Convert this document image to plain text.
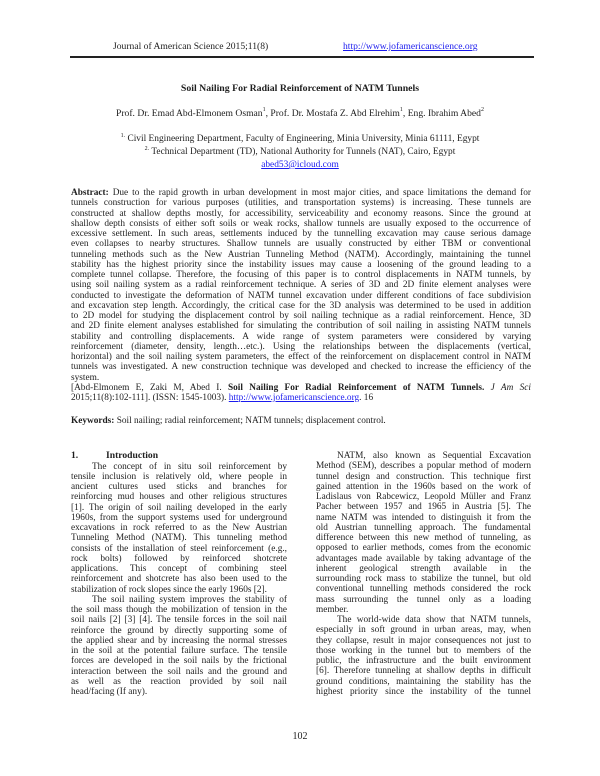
Journal of American Science 2015;11(8)	http://www.jofamericanscience.org
Soil Nailing For Radial Reinforcement of NATM Tunnels
Prof. Dr. Emad Abd-Elmonem Osman$^1$, Prof. Dr. Mostafa Z. Abd Elrehim$^1$, Eng. Ibrahim Abed$^2$
$^{1.}$ Civil Engineering Department, Faculty of Engineering, Minia University, Minia 61111, Egypt
$^{2.}$ Technical Department (TD), National Authority for Tunnels (NAT), Cairo, Egypt
abed53@icloud.com
Abstract: Due to the rapid growth in urban development in most major cities, and space limitations the demand for
tunnels construction for various purposes (utilities, and transportation systems) is increasing. These tunnels are
constructed at shallow depths mostly, for accessibility, serviceability and economy reasons. Since the ground at
shallow depth consists of either soft soils or weak rocks, shallow tunnels are usually exposed to the occurrence of
excessive settlement. In such areas, settlements induced by the tunnelling excavation may cause serious damage
even collapses to nearby structures. Shallow tunnels are usually constructed by either TBM or conventional
tunneling methods such as the New Austrian Tunneling Method (NATM). Accordingly, maintaining the tunnel
stability has the highest priority since the instability issues may cause a loosening of the ground leading to a
complete tunnel collapse. Therefore, the focusing of this paper is to control displacements in NATM tunnels, by
using soil nailing system as a radial reinforcement technique. A series of 3D and 2D finite element analyses were
conducted to investigate the deformation of NATM tunnel excavation under different conditions of face subdivision
and excavation step length. Accordingly, the critical case for the 3D analysis was determined to be used in addition
to 2D model for studying the displacement control by soil nailing technique as a radial reinforcement. Hence, 3D
and 2D finite element analyses established for simulating the contribution of soil nailing in assisting NATM tunnels
stability and controlling displacements. A wide range of system parameters were considered by varying
reinforcement (diameter, density, length…etc.). Using the relationships between the displacements (vertical,
horizontal) and the soil nailing system parameters, the effect of the reinforcement on displacement control in NATM
tunnels was investigated. A new construction technique was developed and checked to increase the efficiency of the
system.
[Abd-Elmonem E, Zaki M, Abed I. Soil Nailing For Radial Reinforcement of NATM Tunnels. J Am Sci
2015;11(8):102-111]. (ISSN: 1545-1003). http://www.jofamericanscience.org. 16
Keywords: Soil nailing; radial reinforcement; NATM tunnels; displacement control.
1.	Introduction
The concept of in situ soil reinforcement by
tensile inclusion is relatively old, where people in
ancient cultures used sticks and branches for
reinforcing mud houses and other religious structures
[1]. The origin of soil nailing developed in the early
1960s, from the support systems used for underground
excavations in rock referred to as the New Austrian
Tunneling Method (NATM). This tunneling method
consists of the installation of steel reinforcement (e.g.,
rock bolts) followed by reinforced shotcrete
applications. This concept of combining steel
reinforcement and shotcrete has also been used to the
stabilization of rock slopes since the early 1960s [2].
The soil nailing system improves the stability of
the soil mass though the mobilization of tension in the
soil nails [2] [3] [4]. The tensile forces in the soil nail
reinforce the ground by directly supporting some of
the applied shear and by increasing the normal stresses
in the soil at the potential failure surface. The tensile
forces are developed in the soil nails by the frictional
interaction between the soil nails and the ground and
as well as the reaction provided by soil nail
head/facing (If any).
NATM, also known as Sequential Excavation
Method (SEM), describes a popular method of modern
tunnel design and construction. This technique first
gained attention in the 1960s based on the work of
Ladislaus von Rabcewicz, Leopold Müller and Franz
Pacher between 1957 and 1965 in Austria [5]. The
name NATM was intended to distinguish it from the
old Austrian tunnelling approach. The fundamental
difference between this new method of tunneling, as
opposed to earlier methods, comes from the economic
advantages made available by taking advantage of the
inherent geological strength available in the
surrounding rock mass to stabilize the tunnel, but old
conventional tunnelling methods considered the rock
mass surrounding the tunnel only as a loading
member.
The world-wide data show that NATM tunnels,
especially in soft ground in urban areas, may, when
they collapse, result in major consequences not just to
those working in the tunnel but to members of the
public, the infrastructure and the built environment
[6]. Therefore tunneling at shallow depths in difficult
ground conditions, maintaining the stability has the
highest priority since the instability of the tunnel
102
